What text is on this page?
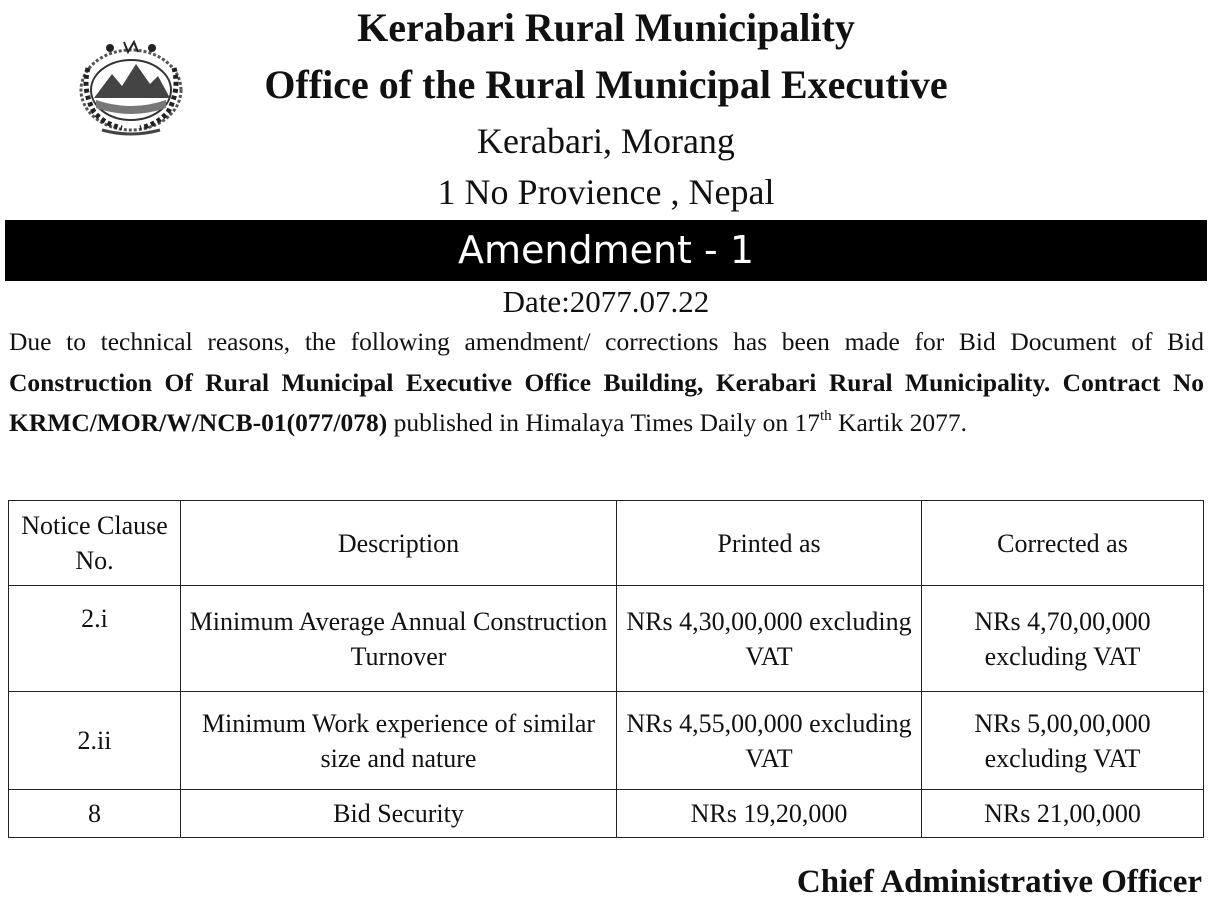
Kerabari Rural Municipality
Office of the Rural Municipal Executive
Kerabari, Morang
1 No Provience , Nepal
Amendment - 1
Date:2077.07.22
Due to technical reasons, the following amendment/ corrections has been made for Bid Document of Bid Construction Of Rural Municipal Executive Office Building, Kerabari Rural Municipality. Contract No KRMC/MOR/W/NCB-01(077/078) published in Himalaya Times Daily on 17th Kartik 2077.
Notice Clause No.	Description	Printed as	Corrected as
2.i	Minimum Average Annual Construction Turnover	NRs 4,30,00,000 excluding VAT	NRs 4,70,00,000 excluding VAT
2.ii	Minimum Work experience of similar size and nature	NRs 4,55,00,000 excluding VAT	NRs 5,00,00,000 excluding VAT
8	Bid Security	NRs 19,20,000	NRs 21,00,000
Chief Administrative Officer
